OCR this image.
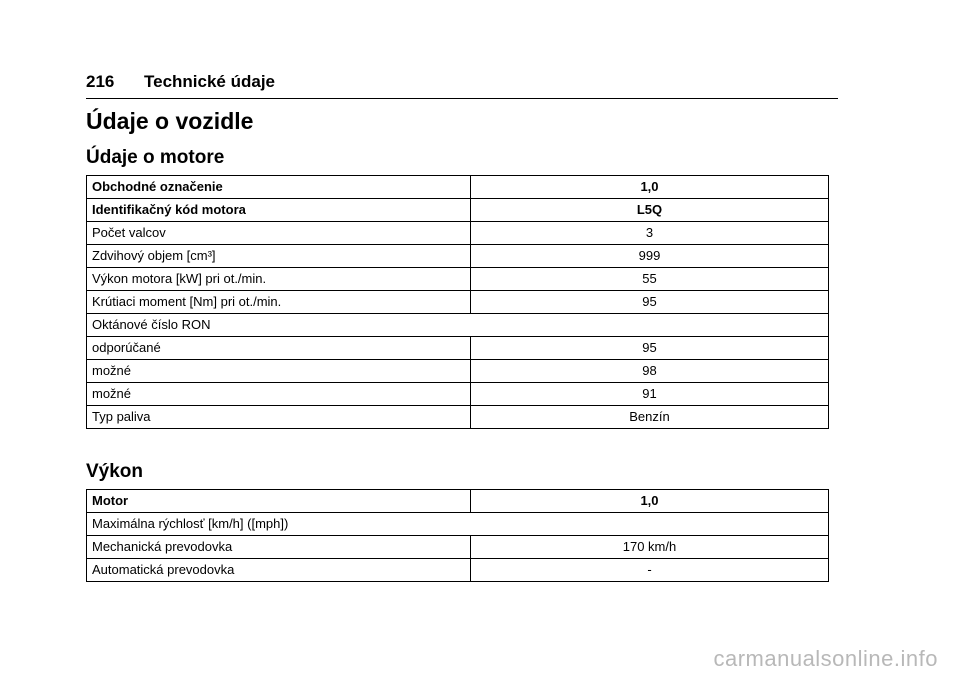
216 Technické údaje
Údaje o vozidle
Údaje o motore
Obchodné označenie	1,0
Identifikačný kód motora	L5Q
Počet valcov	3
Zdvihový objem [cm³]	999
Výkon motora [kW] pri ot./min.	55
Krútiaci moment [Nm] pri ot./min.	95
Oktánové číslo RON	
odporúčané	95
možné	98
možné	91
Typ paliva	Benzín
Výkon
Motor	1,0
Maximálna rýchlosť [km/h] ([mph])	
Mechanická prevodovka	170 km/h
Automatická prevodovka	-
carmanualsonline.info
